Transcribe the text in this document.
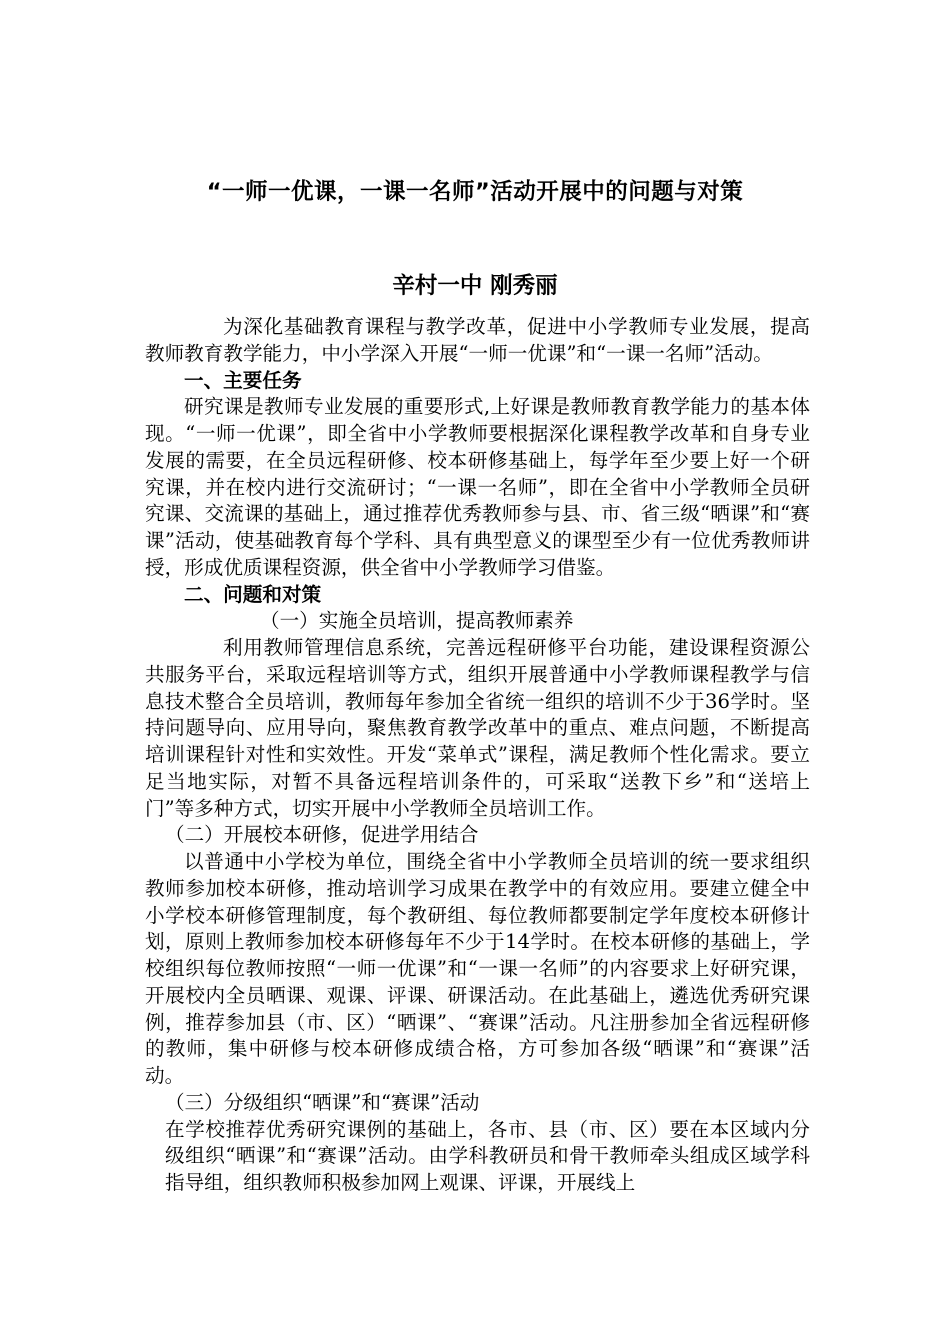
“一师一优课，一课一名师”活动开展中的问题与对策
辛村一中 刚秀丽

为深化基础教育课程与教学改革，促进中小学教师专业发展，提高教师教育教学能力，中小学深入开展“一师一优课”和“一课一名师”活动。

一、主要任务

研究课是教师专业发展的重要形式,上好课是教师教育教学能力的基本体现。“一师一优课”，即全省中小学教师要根据深化课程教学改革和自身专业发展的需要，在全员远程研修、校本研修基础上，每学年至少要上好一个研究课，并在校内进行交流研讨；“一课一名师”，即在全省中小学教师全员研究课、交流课的基础上，通过推荐优秀教师参与县、市、省三级“晒课”和“赛课”活动，使基础教育每个学科、具有典型意义的课型至少有一位优秀教师讲授，形成优质课程资源，供全省中小学教师学习借鉴。

二、问题和对策

（一）实施全员培训，提高教师素养

利用教师管理信息系统，完善远程研修平台功能，建设课程资源公共服务平台，采取远程培训等方式，组织开展普通中小学教师课程教学与信息技术整合全员培训，教师每年参加全省统一组织的培训不少于36学时。坚持问题导向、应用导向，聚焦教育教学改革中的重点、难点问题，不断提高培训课程针对性和实效性。开发“菜单式”课程，满足教师个性化需求。要立足当地实际，对暂不具备远程培训条件的，可采取“送教下乡”和“送培上门”等多种方式，切实开展中小学教师全员培训工作。

（二）开展校本研修，促进学用结合

以普通中小学校为单位，围绕全省中小学教师全员培训的统一要求组织教师参加校本研修，推动培训学习成果在教学中的有效应用。要建立健全中小学校本研修管理制度，每个教研组、每位教师都要制定学年度校本研修计划，原则上教师参加校本研修每年不少于14学时。在校本研修的基础上，学校组织每位教师按照“一师一优课”和“一课一名师”的内容要求上好研究课，开展校内全员晒课、观课、评课、研课活动。在此基础上，遴选优秀研究课例，推荐参加县（市、区）“晒课”、“赛课”活动。凡注册参加全省远程研修的教师，集中研修与校本研修成绩合格，方可参加各级“晒课”和“赛课”活动。

（三）分级组织“晒课”和“赛课”活动

在学校推荐优秀研究课例的基础上，各市、县（市、区）要在本区域内分级组织“晒课”和“赛课”活动。由学科教研员和骨干教师牵头组成区域学科指导组，组织教师积极参加网上观课、评课，开展线上
